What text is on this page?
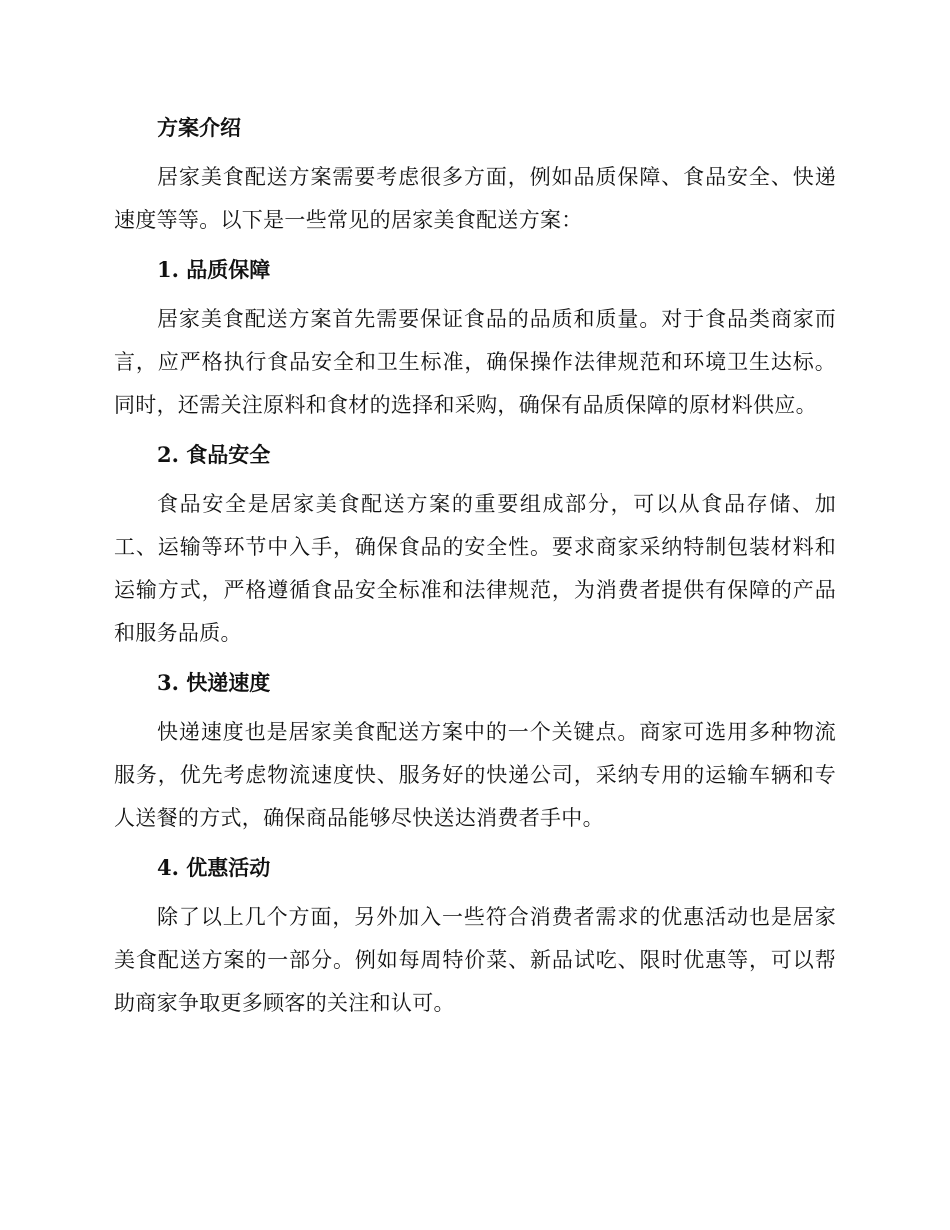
方案介绍

居家美食配送方案需要考虑很多方面，例如品质保障、食品安全、快递速度等等。以下是一些常见的居家美食配送方案：

1. 品质保障

居家美食配送方案首先需要保证食品的品质和质量。对于食品类商家而言，应严格执行食品安全和卫生标准，确保操作法律规范和环境卫生达标。同时，还需关注原料和食材的选择和采购，确保有品质保障的原材料供应。

2. 食品安全

食品安全是居家美食配送方案的重要组成部分，可以从食品存储、加工、运输等环节中入手，确保食品的安全性。要求商家采纳特制包装材料和运输方式，严格遵循食品安全标准和法律规范，为消费者提供有保障的产品和服务品质。

3. 快递速度

快递速度也是居家美食配送方案中的一个关键点。商家可选用多种物流服务，优先考虑物流速度快、服务好的快递公司，采纳专用的运输车辆和专人送餐的方式，确保商品能够尽快送达消费者手中。

4. 优惠活动

除了以上几个方面，另外加入一些符合消费者需求的优惠活动也是居家美食配送方案的一部分。例如每周特价菜、新品试吃、限时优惠等，可以帮助商家争取更多顾客的关注和认可。
